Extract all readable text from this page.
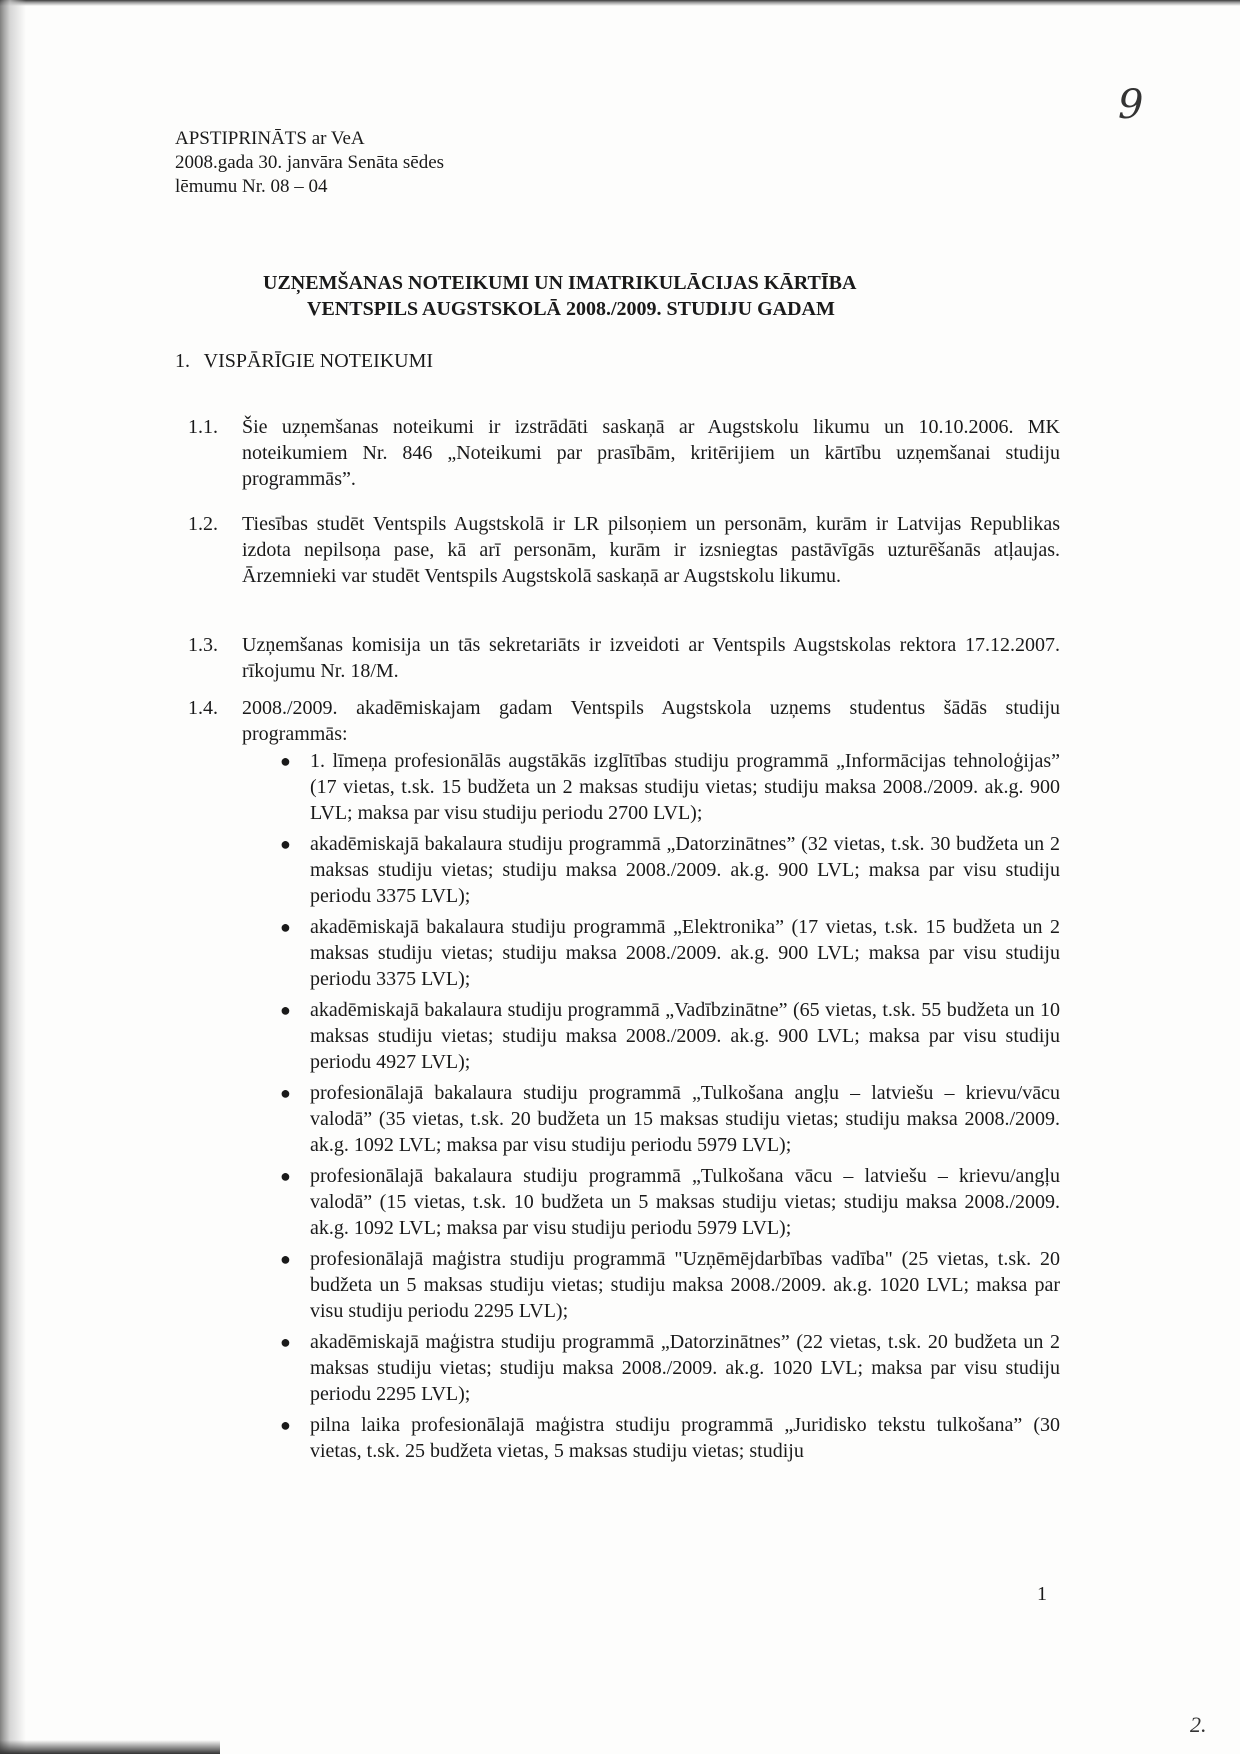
APSTIPRINĀTS ar VeA
2008.gada 30. janvāra Senāta sēdes
lēmumu Nr. 08 – 04
9
UZŅEMŠANAS NOTEIKUMI UN IMATRIKULĀCIJAS KĀRTĪBA
VENTSPILS AUGSTSKOLĀ 2008./2009. STUDIJU GADAM
1. VISPĀRĪGIE NOTEIKUMI
1.1.	Šie uzņemšanas noteikumi ir izstrādāti saskaņā ar Augstskolu likumu un 10.10.2006. MK noteikumiem Nr. 846 „Noteikumi par prasībām, kritērijiem un kārtību uzņemšanai studiju programmās”.
1.2.	Tiesības studēt Ventspils Augstskolā ir LR pilsoņiem un personām, kurām ir Latvijas Republikas izdota nepilsoņa pase, kā arī personām, kurām ir izsniegtas pastāvīgās uzturēšanās atļaujas. Ārzemnieki var studēt Ventspils Augstskolā saskaņā ar Augstskolu likumu.
1.3.	Uzņemšanas komisija un tās sekretariāts ir izveidoti ar Ventspils Augstskolas rektora 17.12.2007. rīkojumu Nr. 18/M.
1.4.	2008./2009. akadēmiskajam gadam Ventspils Augstskola uzņems studentus šādās studiju programmās:
● 1. līmeņa profesionālās augstākās izglītības studiju programmā „Informācijas tehnoloģijas” (17 vietas, t.sk. 15 budžeta un 2 maksas studiju vietas; studiju maksa 2008./2009. ak.g. 900 LVL; maksa par visu studiju periodu 2700 LVL);
● akadēmiskajā bakalaura studiju programmā „Datorzinātnes” (32 vietas, t.sk. 30 budžeta un 2 maksas studiju vietas; studiju maksa 2008./2009. ak.g. 900 LVL; maksa par visu studiju periodu 3375 LVL);
● akadēmiskajā bakalaura studiju programmā „Elektronika” (17 vietas, t.sk. 15 budžeta un 2 maksas studiju vietas; studiju maksa 2008./2009. ak.g. 900 LVL; maksa par visu studiju periodu 3375 LVL);
● akadēmiskajā bakalaura studiju programmā „Vadībzinātne” (65 vietas, t.sk. 55 budžeta un 10 maksas studiju vietas; studiju maksa 2008./2009. ak.g. 900 LVL; maksa par visu studiju periodu 4927 LVL);
● profesionālajā bakalaura studiju programmā „Tulkošana angļu – latviešu – krievu/vācu valodā” (35 vietas, t.sk. 20 budžeta un 15 maksas studiju vietas; studiju maksa 2008./2009. ak.g. 1092 LVL; maksa par visu studiju periodu 5979 LVL);
● profesionālajā bakalaura studiju programmā „Tulkošana vācu – latviešu – krievu/angļu valodā” (15 vietas, t.sk. 10 budžeta un 5 maksas studiju vietas; studiju maksa 2008./2009. ak.g. 1092 LVL; maksa par visu studiju periodu 5979 LVL);
● profesionālajā maģistra studiju programmā "Uzņēmējdarbības vadība" (25 vietas, t.sk. 20 budžeta un 5 maksas studiju vietas; studiju maksa 2008./2009. ak.g. 1020 LVL; maksa par visu studiju periodu 2295 LVL);
● akadēmiskajā maģistra studiju programmā „Datorzinātnes” (22 vietas, t.sk. 20 budžeta un 2 maksas studiju vietas; studiju maksa 2008./2009. ak.g. 1020 LVL; maksa par visu studiju periodu 2295 LVL);
● pilna laika profesionālajā maģistra studiju programmā „Juridisko tekstu tulkošana” (30 vietas, t.sk. 25 budžeta vietas, 5 maksas studiju vietas; studiju
1
2.
